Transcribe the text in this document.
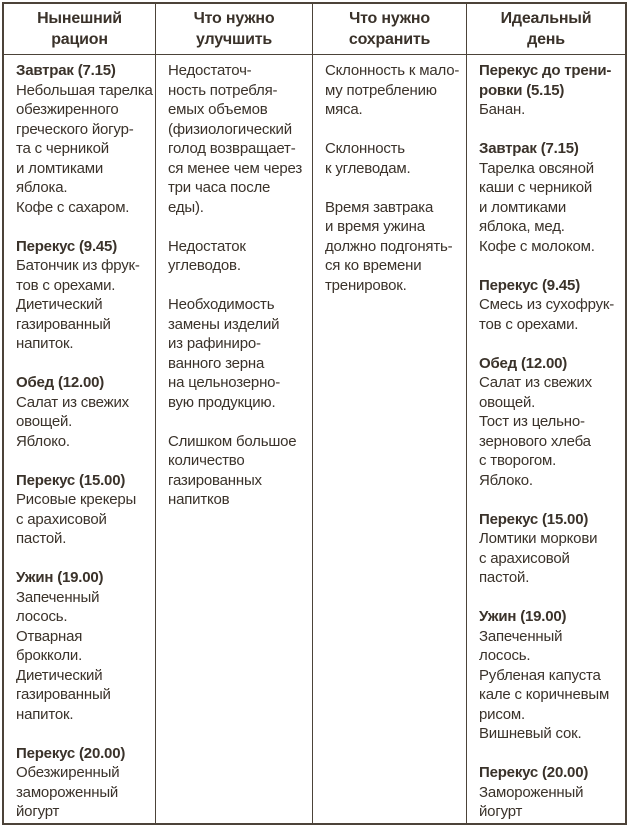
Нынешний
рацион
Что нужно
улучшить
Что нужно
сохранить
Идеальный
день
Завтрак (7.15)
Небольшая тарелка
обезжиренного
греческого йогур-
та с черникой
и ломтиками
яблока.
Кофе с сахаром.
Перекус (9.45)
Батончик из фрук-
тов с орехами.
Диетический
газированный
напиток.
Обед (12.00)
Салат из свежих
овощей.
Яблоко.
Перекус (15.00)
Рисовые крекеры
с арахисовой
пастой.
Ужин (19.00)
Запеченный
лосось.
Отварная
брокколи.
Диетический
газированный
напиток.
Перекус (20.00)
Обезжиренный
замороженный
йогурт
Недостаточ-
ность потребля-
емых объемов
(физиологический
голод возвращает-
ся менее чем через
три часа после
еды).
Недостаток
углеводов.
Необходимость
замены изделий
из рафиниро-
ванного зерна
на цельнозерно-
вую продукцию.
Слишком большое
количество
газированных
напитков
Склонность к мало-
му потреблению
мяса.
Склонность
к углеводам.
Время завтрака
и время ужина
должно подгонять-
ся ко времени
тренировок.
Перекус до трени-
ровки (5.15)
Банан.
Завтрак (7.15)
Тарелка овсяной
каши с черникой
и ломтиками
яблока, мед.
Кофе с молоком.
Перекус (9.45)
Смесь из сухофрук-
тов с орехами.
Обед (12.00)
Салат из свежих
овощей.
Тост из цельно-
зернового хлеба
с творогом.
Яблоко.
Перекус (15.00)
Ломтики моркови
с арахисовой
пастой.
Ужин (19.00)
Запеченный
лосось.
Рубленая капуста
кале с коричневым
рисом.
Вишневый сок.
Перекус (20.00)
Замороженный
йогурт
